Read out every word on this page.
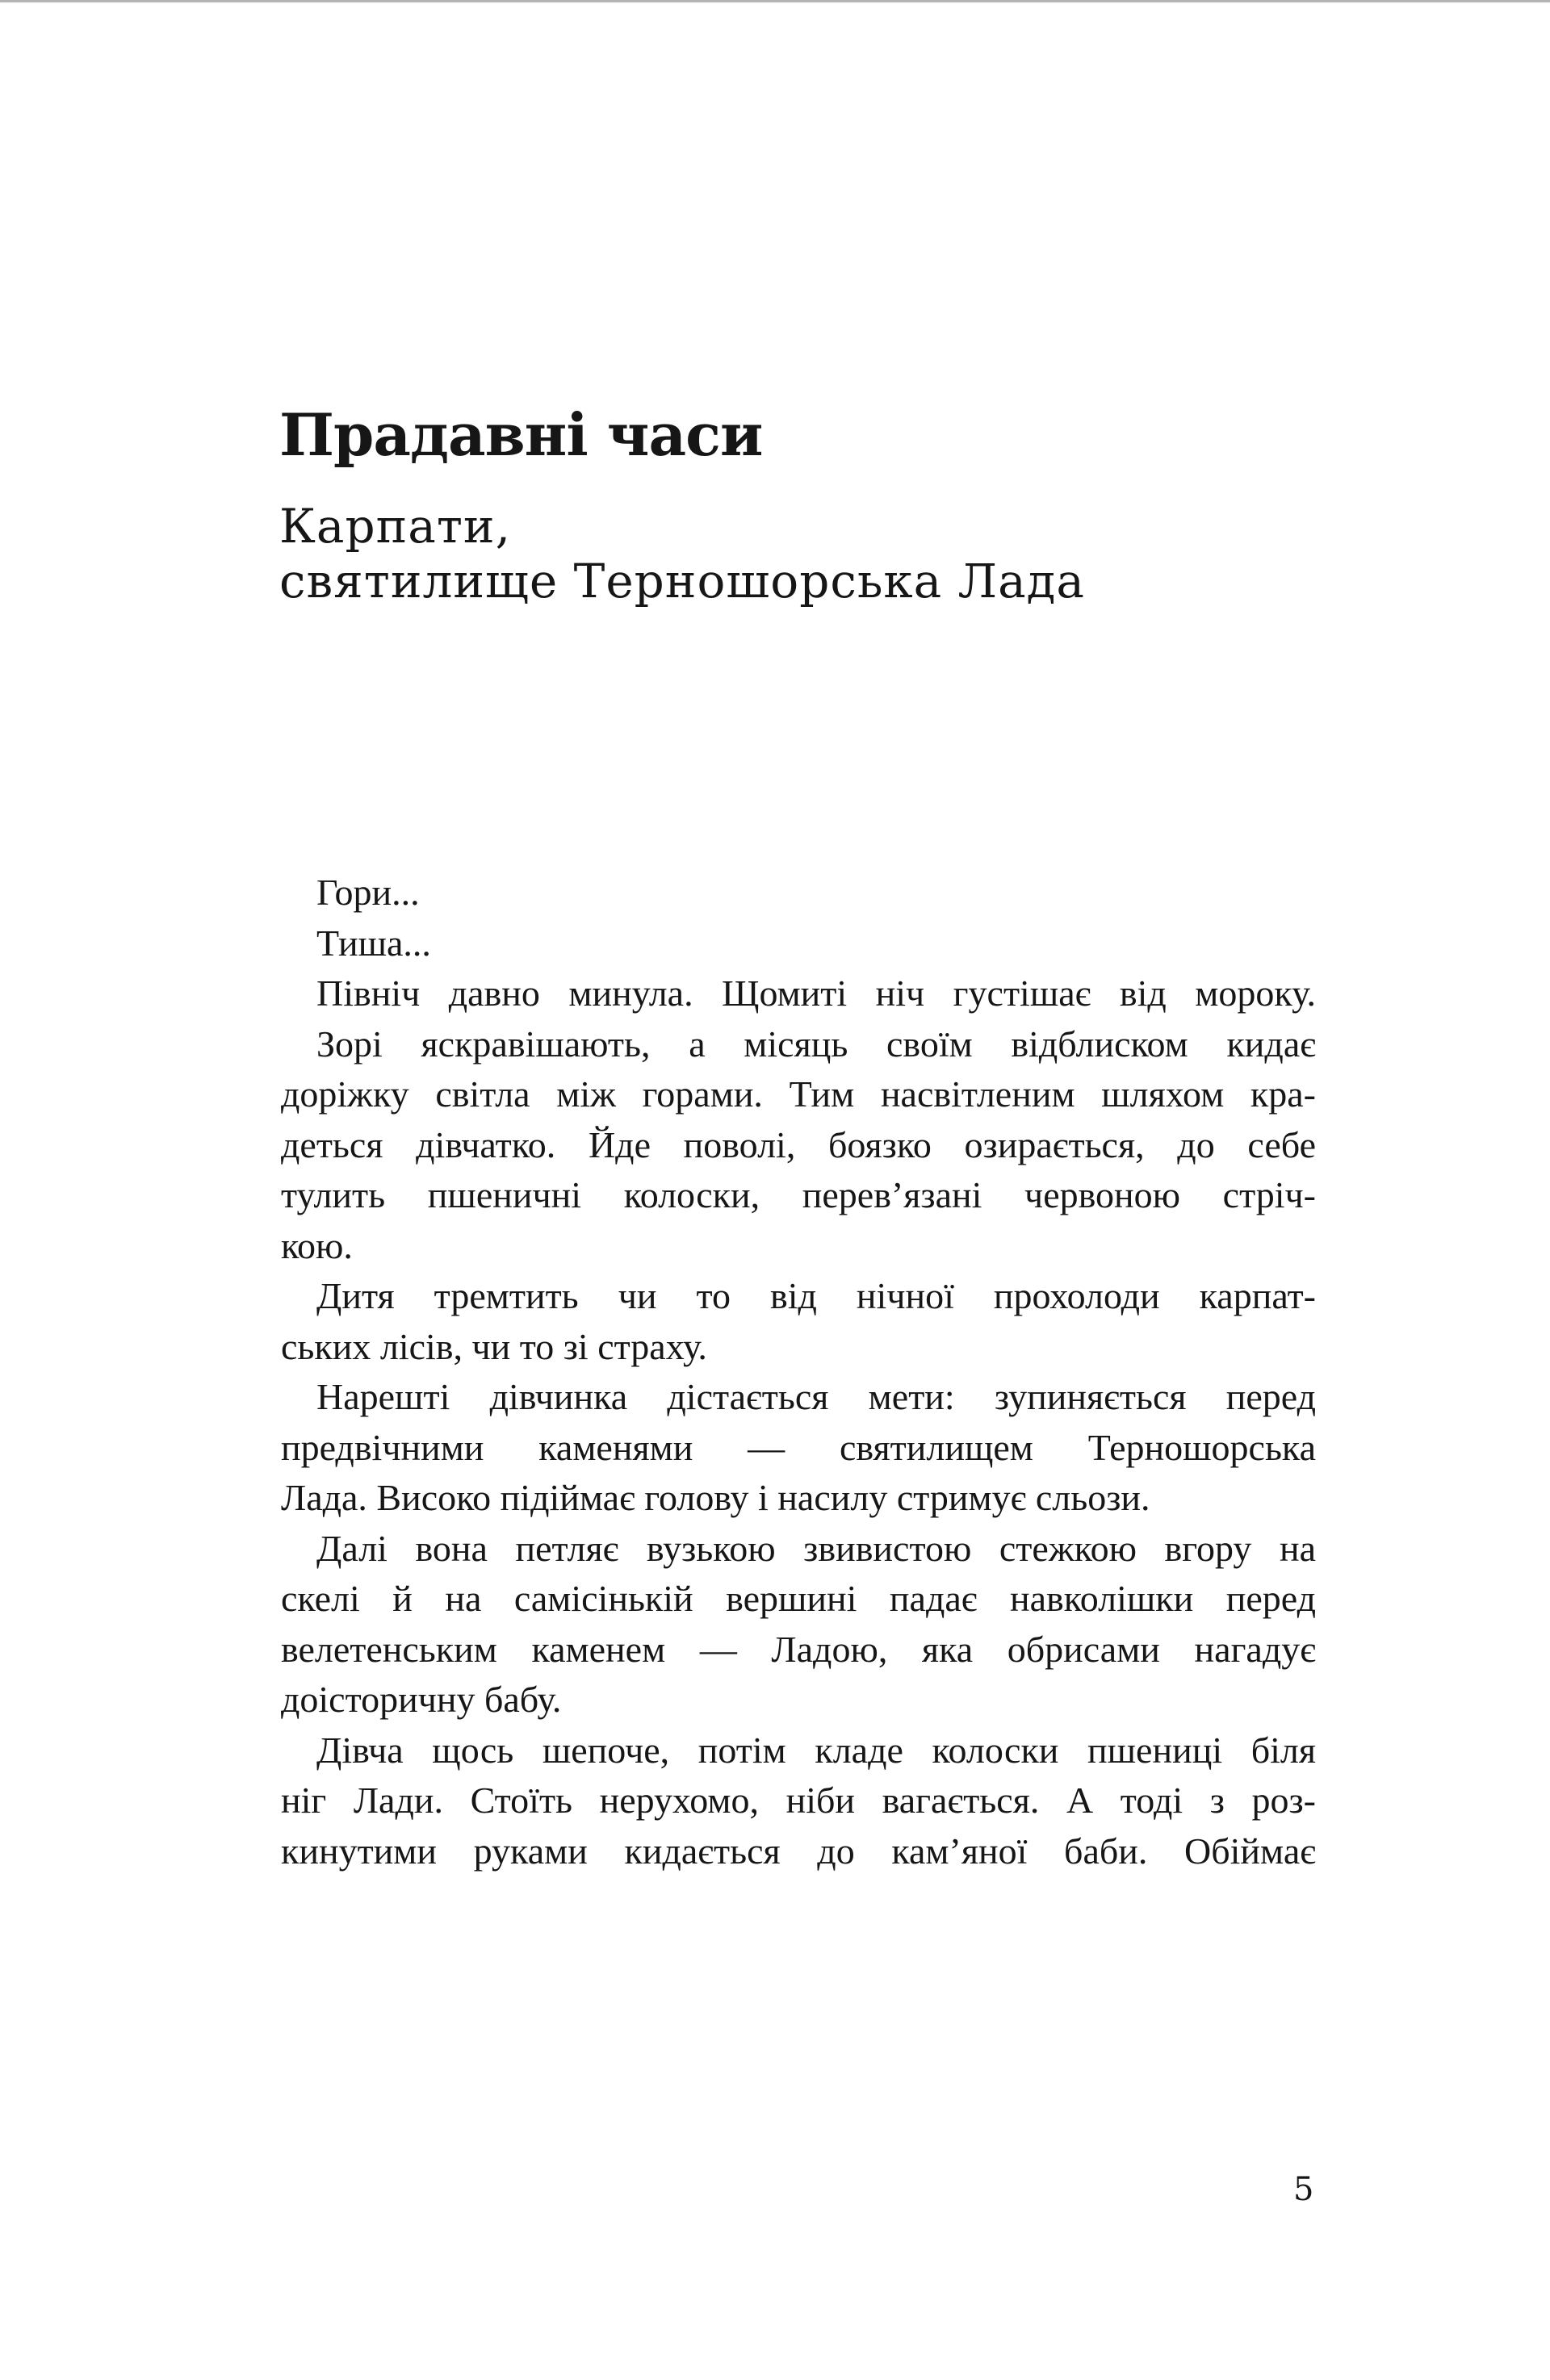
Прадавні часи
Карпати,
святилище Терношорська Лада
Гори...
Тиша...
Північ давно минула. Щомиті ніч густішає від мороку.
Зорі яскравішають, а місяць своїм відблиском кидає
доріжку світла між горами. Тим насвітленим шляхом кра-
деться дівчатко. Йде поволі, боязко озирається, до себе
тулить пшеничні колоски, перев’язані червоною стріч-
кою.
Дитя тремтить чи то від нічної прохолоди карпат-
ських лісів, чи то зі страху.
Нарешті дівчинка дістається мети: зупиняється перед
предвічними каменями — святилищем Терношорська
Лада. Високо підіймає голову і насилу стримує сльози.
Далі вона петляє вузькою звивистою стежкою вгору на
скелі й на самісінькій вершині падає навколішки перед
велетенським каменем — Ладою, яка обрисами нагадує
доісторичну бабу.
Дівча щось шепоче, потім кладе колоски пшениці біля
ніг Лади. Стоїть нерухомо, ніби вагається. А тоді з роз-
кинутими руками кидається до кам’яної баби. Обіймає
5
